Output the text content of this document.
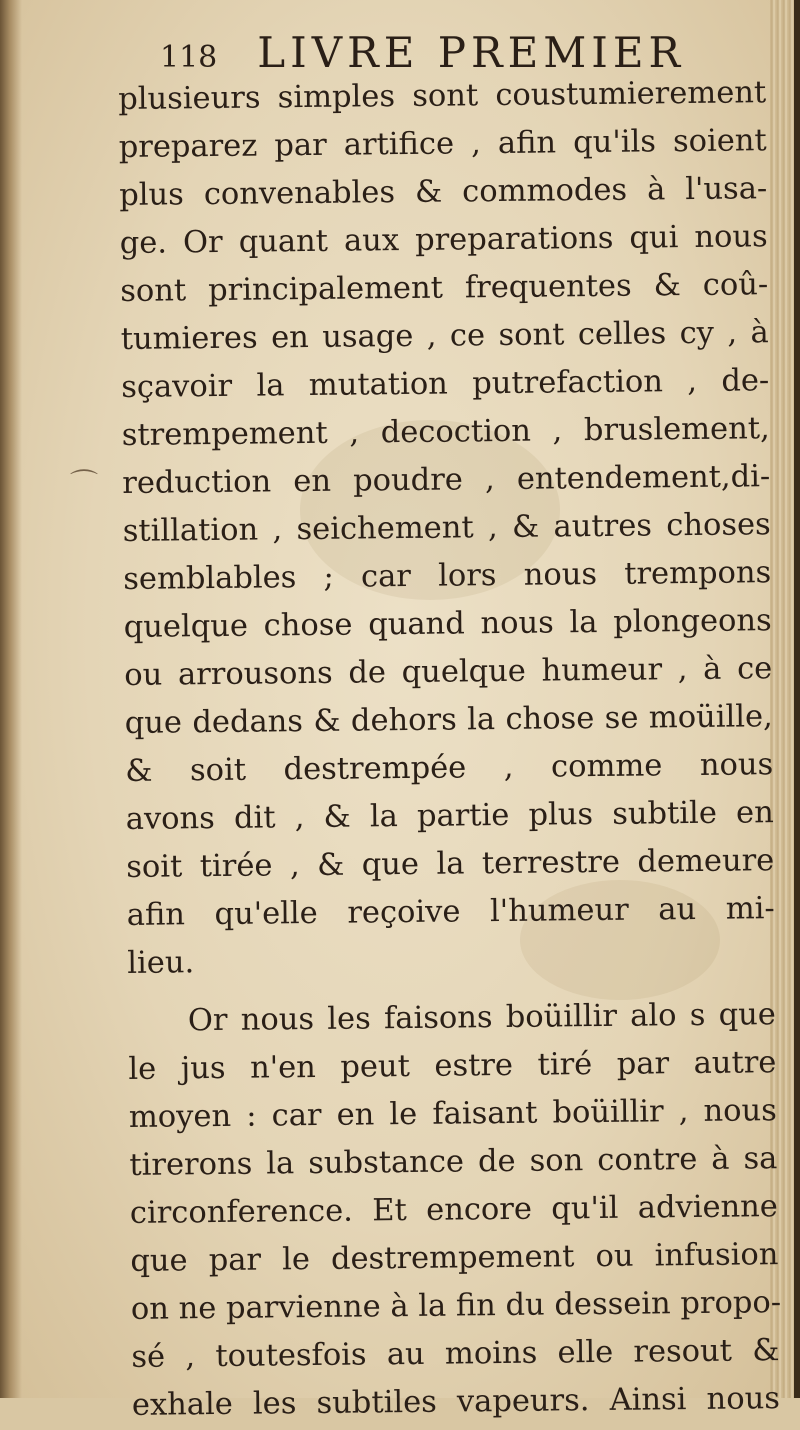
⌒
118 LIVRE PREMIER
plusieurs simples sont coustumierement
preparez par artifice , afin qu'ils soient
plus convenables & commodes à l'usa-
ge. Or quant aux preparations qui nous
sont principalement frequentes & coû-
tumieres en usage , ce sont celles cy , à
sçavoir la mutation putrefaction , de-
strempement , decoction , bruslement,
reduction en poudre , entendement,di-
stillation , seichement , & autres choses
semblables ; car lors nous trempons
quelque chose quand nous la plongeons
ou arrousons de quelque humeur , à ce
que dedans & dehors la chose se moüille,
& soit destrempée , comme nous
avons dit , & la partie plus subtile en
soit tirée , & que la terrestre demeure
afin qu'elle reçoive l'humeur au mi-
lieu.
Or nous les faisons boüillir alo s que
le jus n'en peut estre tiré par autre
moyen : car en le faisant boüillir , nous
tirerons la substance de son contre à sa
circonference. Et encore qu'il advienne
que par le destrempement ou infusion
on ne parvienne à la fin du dessein propo-
sé , toutesfois au moins elle resout &
exhale les subtiles vapeurs. Ainsi nous
